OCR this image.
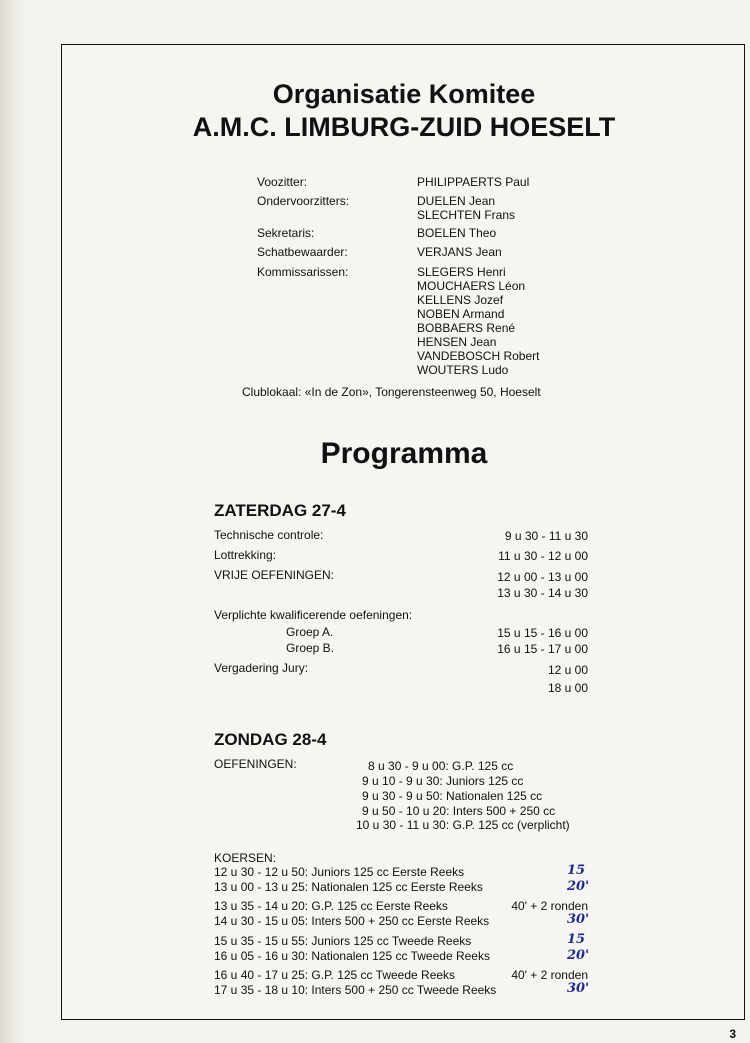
Organisatie Komitee
A.M.C. LIMBURG-ZUID HOESELT
Voozitter:	PHILIPPAERTS Paul
Ondervoorzitters:	DUELEN Jean
SLECHTEN Frans
Sekretaris:	BOELEN Theo
Schatbewaarder:	VERJANS Jean
Kommissarissen:	SLEGERS Henri
MOUCHAERS Léon
KELLENS Jozef
NOBEN Armand
BOBBAERS René
HENSEN Jean
VANDEBOSCH Robert
WOUTERS Ludo
Clublokaal: «In de Zon», Tongerensteenweg 50, Hoeselt
Programma
ZATERDAG 27-4
Technische controle:	9 u 30 - 11 u 30
Lottrekking:	11 u 30 - 12 u 00
VRIJE OEFENINGEN:	12 u 00 - 13 u 00
13 u 30 - 14 u 30
Verplichte kwalificerende oefeningen:
Groep A.	15 u 15 - 16 u 00
Groep B.	16 u 15 - 17 u 00
Vergadering Jury:	12 u 00
18 u 00
ZONDAG 28-4
OEFENINGEN:	8 u 30 - 9 u 00: G.P. 125 cc
9 u 10 - 9 u 30: Juniors 125 cc
9 u 30 - 9 u 50: Nationalen 125 cc
9 u 50 - 10 u 20: Inters 500 + 250 cc
10 u 30 - 11 u 30: G.P. 125 cc (verplicht)
KOERSEN:
12 u 30 - 12 u 50: Juniors 125 cc Eerste Reeks	15
13 u 00 - 13 u 25: Nationalen 125 cc Eerste Reeks	20'
13 u 35 - 14 u 20: G.P. 125 cc Eerste Reeks	40' + 2 ronden
14 u 30 - 15 u 05: Inters 500 + 250 cc Eerste Reeks	30'
15 u 35 - 15 u 55: Juniors 125 cc Tweede Reeks	15
16 u 05 - 16 u 30: Nationalen 125 cc Tweede Reeks	20'
16 u 40 - 17 u 25: G.P. 125 cc Tweede Reeks	40' + 2 ronden
17 u 35 - 18 u 10: Inters 500 + 250 cc Tweede Reeks	30'
3
